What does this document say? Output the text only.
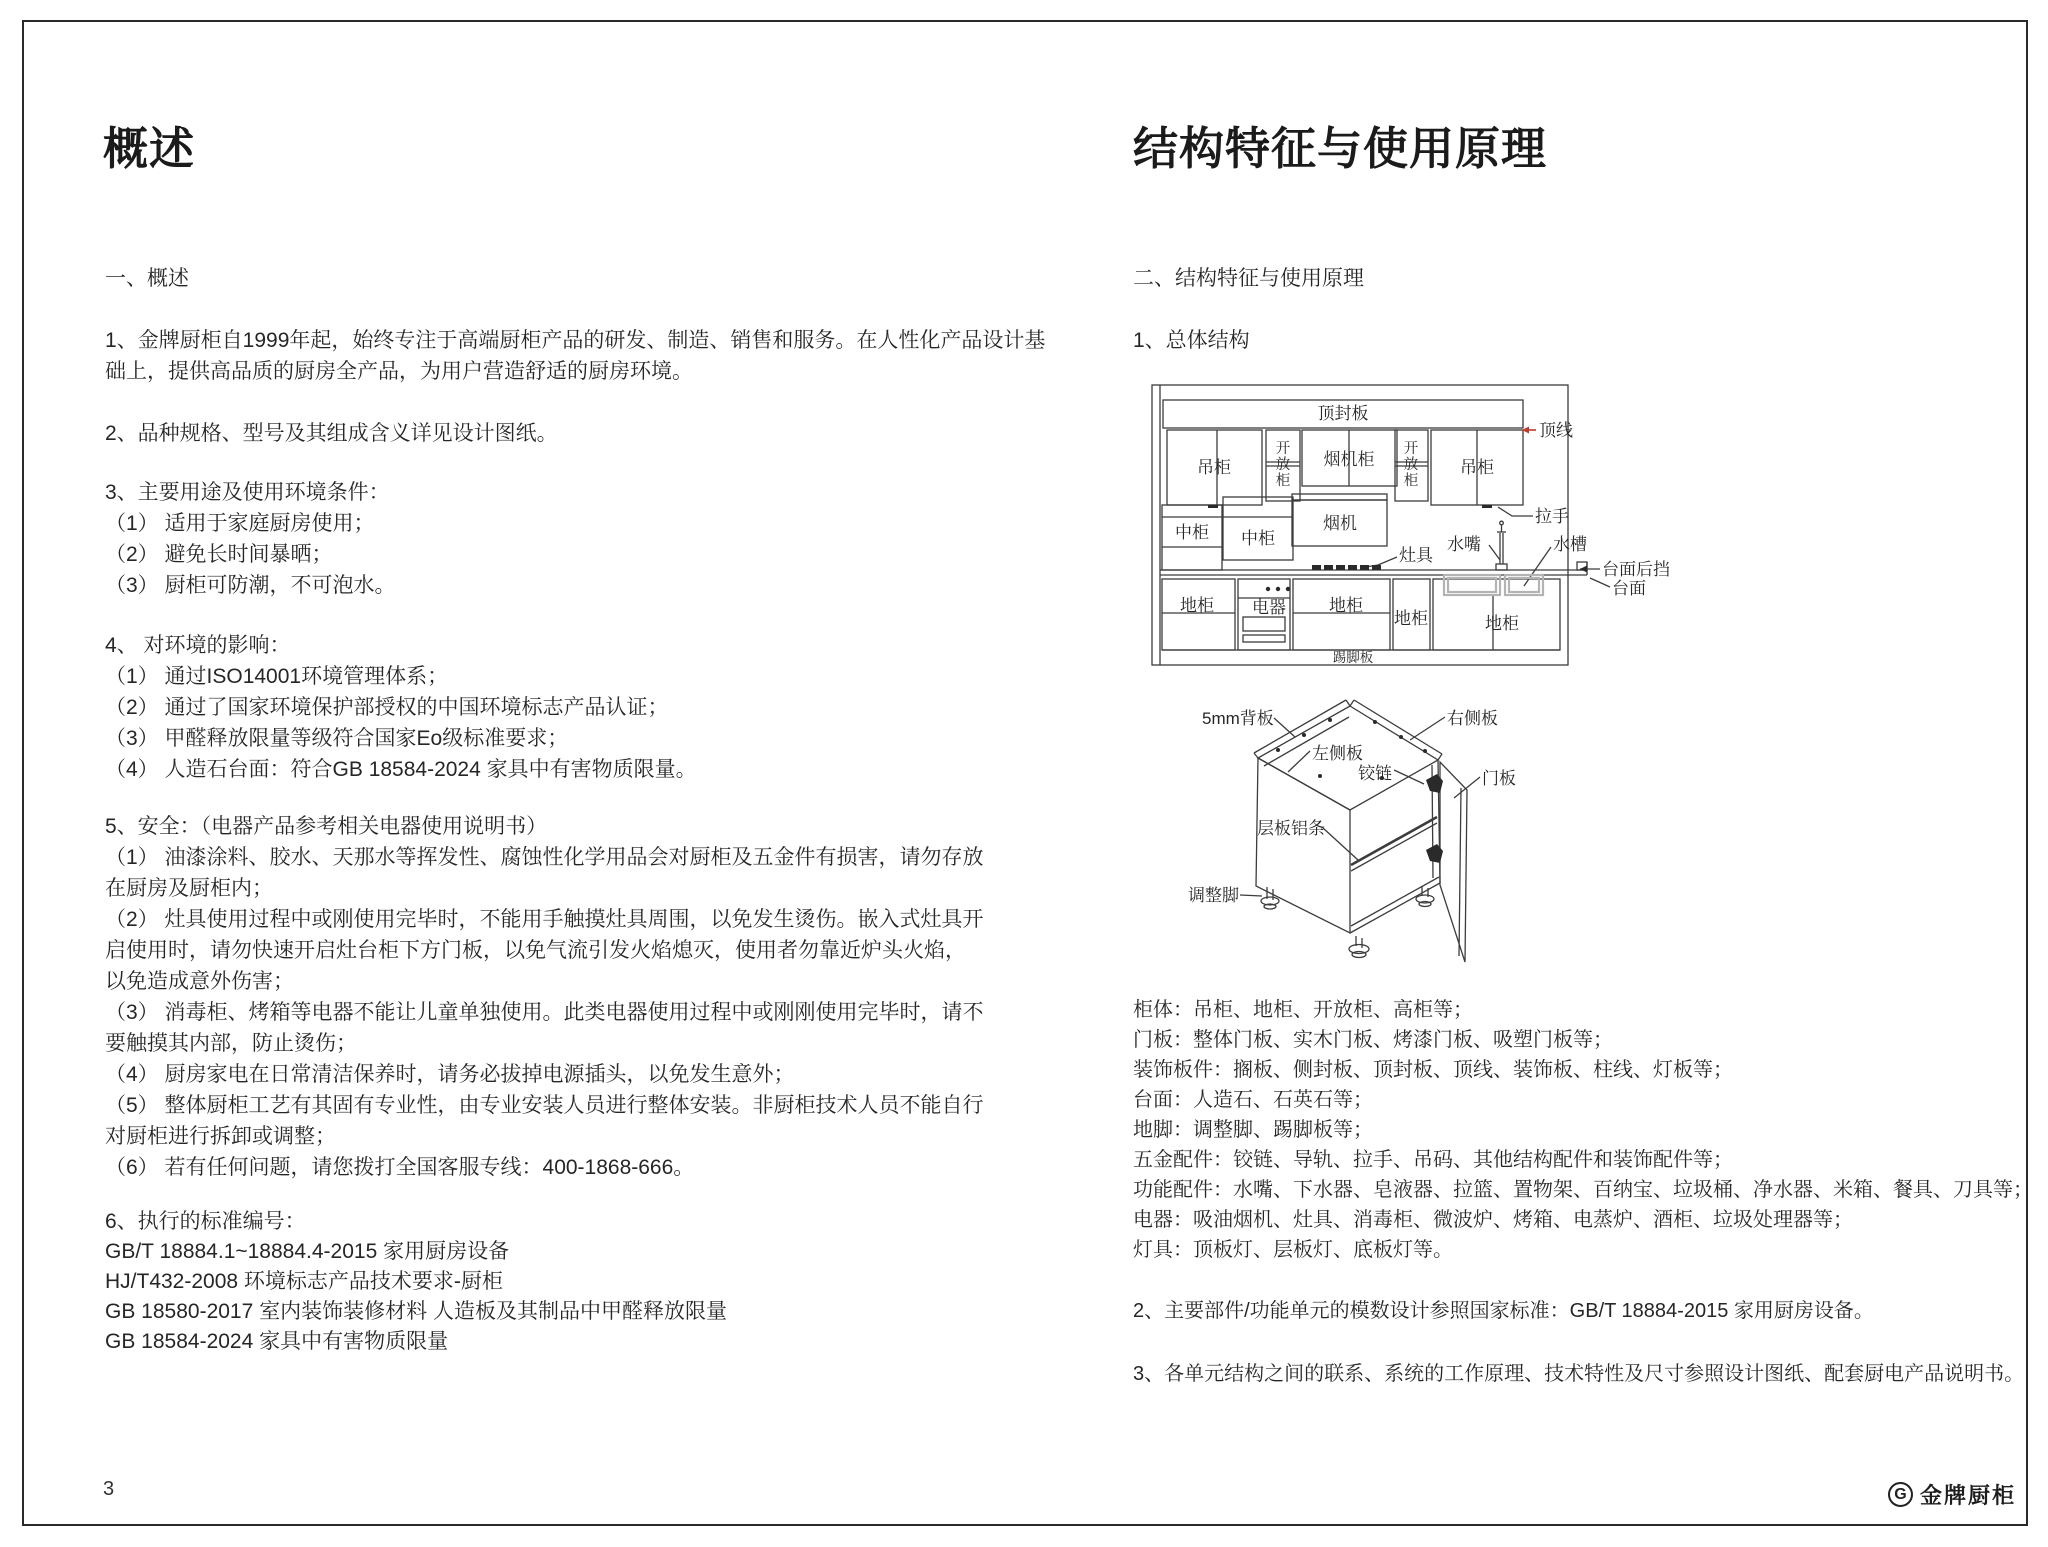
概述
一、概述
1、金牌厨柜自1999年起，始终专注于高端厨柜产品的研发、制造、销售和服务。在人性化产品设计基
础上，提供高品质的厨房全产品，为用户营造舒适的厨房环境。
2、品种规格、型号及其组成含义详见设计图纸。
3、主要用途及使用环境条件：
（1） 适用于家庭厨房使用；
（2） 避免长时间暴晒；
（3） 厨柜可防潮，不可泡水。
4、 对环境的影响：
（1） 通过ISO14001环境管理体系；
（2） 通过了国家环境保护部授权的中国环境标志产品认证；
（3） 甲醛释放限量等级符合国家Eo级标准要求；
（4） 人造石台面：符合GB 18584-2024 家具中有害物质限量。
5、安全：（电器产品参考相关电器使用说明书）
（1） 油漆涂料、胶水、天那水等挥发性、腐蚀性化学用品会对厨柜及五金件有损害，请勿存放
在厨房及厨柜内；
（2） 灶具使用过程中或刚使用完毕时，不能用手触摸灶具周围，以免发生烫伤。嵌入式灶具开
启使用时，请勿快速开启灶台柜下方门板，以免气流引发火焰熄灭，使用者勿靠近炉头火焰，
以免造成意外伤害；
（3） 消毒柜、烤箱等电器不能让儿童单独使用。此类电器使用过程中或刚刚使用完毕时，请不
要触摸其内部，防止烫伤；
（4） 厨房家电在日常清洁保养时，请务必拔掉电源插头，以免发生意外；
（5） 整体厨柜工艺有其固有专业性，由专业安装人员进行整体安装。非厨柜技术人员不能自行
对厨柜进行拆卸或调整；
（6） 若有任何问题，请您拨打全国客服专线：400-1868-666。
6、执行的标准编号：
GB/T 18884.1~18884.4-2015 家用厨房设备
HJ/T432-2008 环境标志产品技术要求-厨柜
GB 18580-2017 室内装饰装修材料 人造板及其制品中甲醛释放限量
GB 18584-2024 家具中有害物质限量
结构特征与使用原理
二、结构特征与使用原理
1、总体结构
顶封板
吊柜
开放柜
烟机柜
开放柜
吊柜
顶线
拉手
中柜 中柜
烟机
灶具
水嘴	水槽
台面后挡
台面
地柜 电器	地柜
地柜	地柜
踢脚板
5mm背板	右侧板
左侧板
铰链	门板
层板铝条
调整脚
柜体：吊柜、地柜、开放柜、高柜等；
门板：整体门板、实木门板、烤漆门板、吸塑门板等；
装饰板件：搁板、侧封板、顶封板、顶线、装饰板、柱线、灯板等；
台面：人造石、石英石等；
地脚：调整脚、踢脚板等；
五金配件：铰链、导轨、拉手、吊码、其他结构配件和装饰配件等；
功能配件：水嘴、下水器、皂液器、拉篮、置物架、百纳宝、垃圾桶、净水器、米箱、餐具、刀具等；
电器：吸油烟机、灶具、消毒柜、微波炉、烤箱、电蒸炉、酒柜、垃圾处理器等；
灯具：顶板灯、层板灯、底板灯等。
2、主要部件/功能单元的模数设计参照国家标准：GB/T 18884-2015 家用厨房设备。
3、各单元结构之间的联系、系统的工作原理、技术特性及尺寸参照设计图纸、配套厨电产品说明书。
3	G 金牌厨柜
